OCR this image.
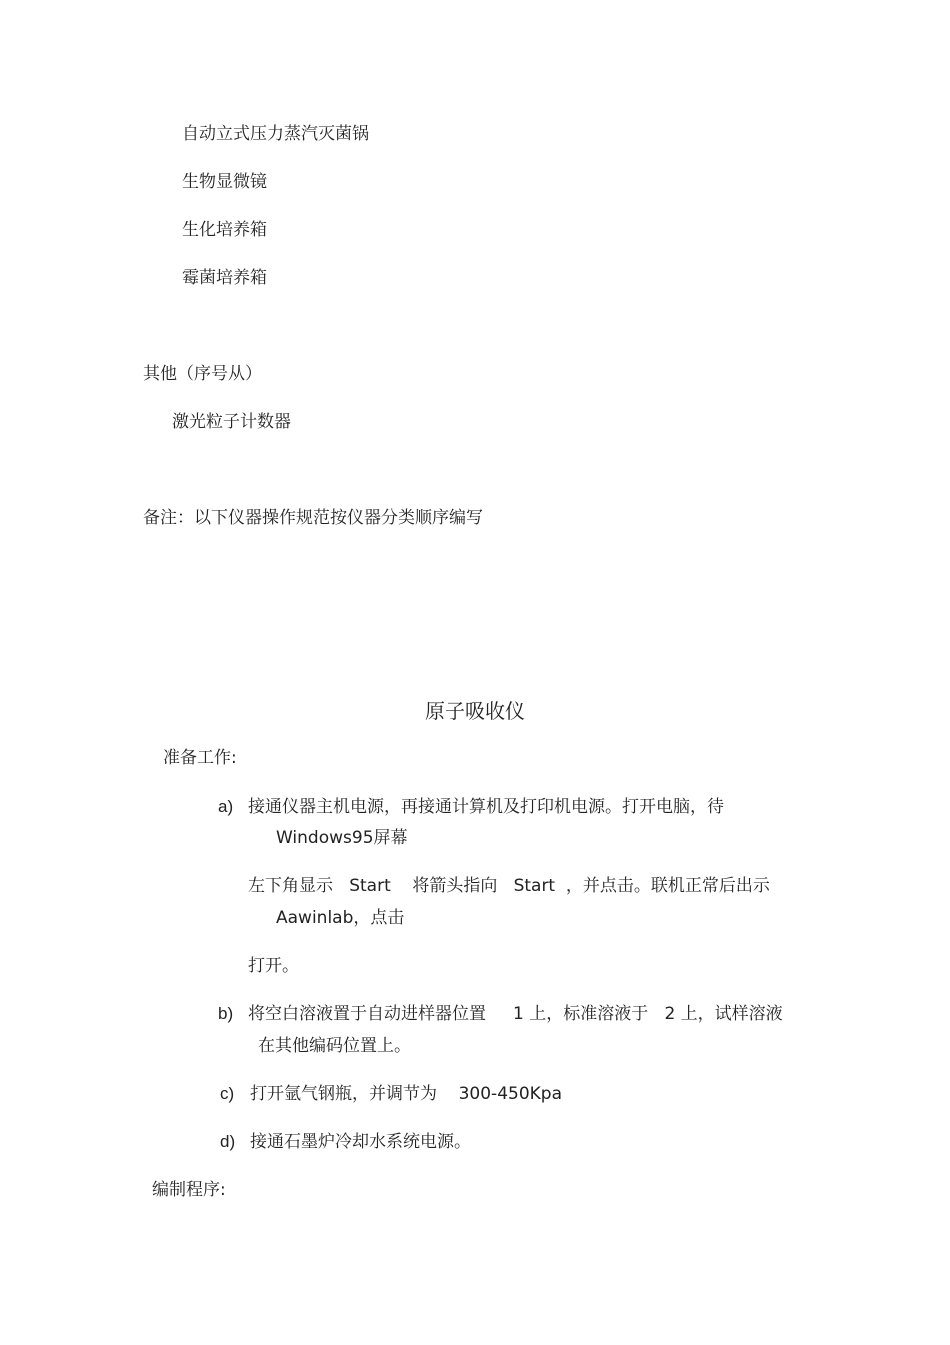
自动立式压力蒸汽灭菌锅
生物显微镜
生化培养箱
霉菌培养箱
其他（序号从）
激光粒子计数器
备注：以下仪器操作规范按仪器分类顺序编写
原子吸收仪
准备工作:
a) 接通仪器主机电源，再接通计算机及打印机电源。打开电脑，待
Windows95屏幕
左下角显示   Start    将箭头指向   Start  ，并点击。联机正常后出示
Aawinlab，点击
打开。
b) 将空白溶液置于自动进样器位置     1 上，标准溶液于   2 上，试样溶液
在其他编码位置上。
c) 打开氩气钢瓶，并调节为    300-450Kpa
d) 接通石墨炉冷却水系统电源。
编制程序:
